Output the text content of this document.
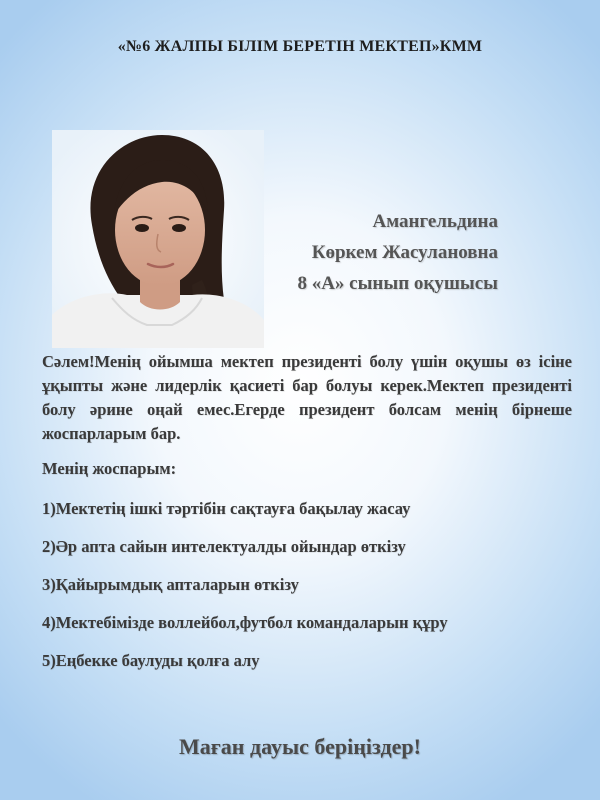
«№6 ЖАЛПЫ БІЛІМ БЕРЕТІН МЕКТЕП»КММ
Амангельдина
Көркем Жасулановна
8 «А» сынып оқушысы
Сәлем!Менің ойымша мектеп президенті болу үшін оқушы өз ісіне ұқыпты және лидерлік қасиеті бар болуы керек.Мектеп президенті болу әрине оңай емес.Егерде президент болсам менің бірнеше жоспарларым бар.

Менің жоспарым:

1)Мектетің ішкі тәртібін сақтауға бақылау жасау

2)Әр апта сайын интелектуалды ойындар өткізу

3)Қайырымдық апталарын өткізу

4)Мектебімізде воллейбол,футбол командаларын құру

5)Еңбекке баулуды қолға алу

Маған дауыс беріңіздер!
